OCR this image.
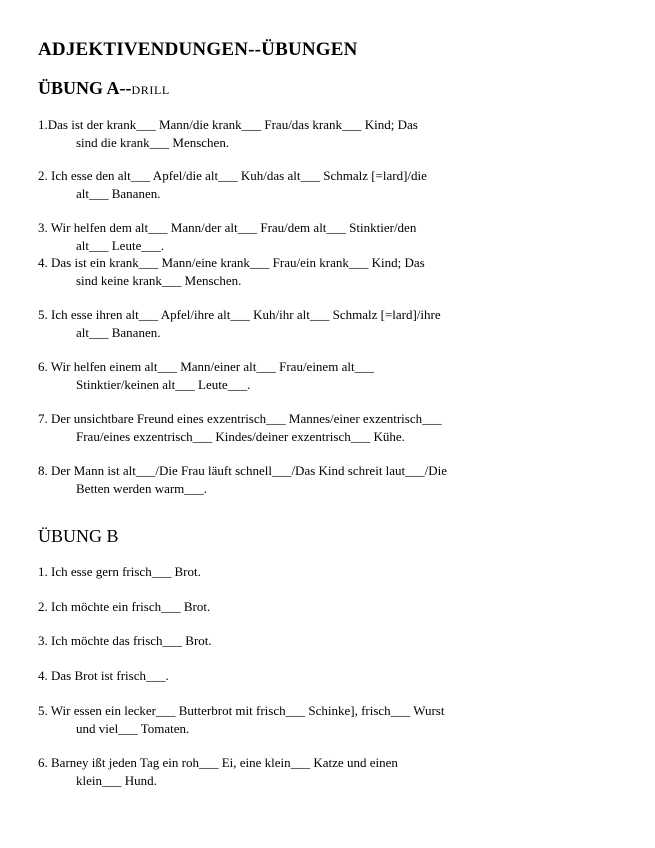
ADJEKTIVENDUNGEN--ÜBUNGEN
ÜBUNG A--DRILL
1.Das ist der krank___ Mann/die krank___ Frau/das krank___ Kind; Das
sind die krank___ Menschen.
2. Ich esse den alt___ Apfel/die alt___ Kuh/das alt___ Schmalz [=lard]/die
alt___ Bananen.
3. Wir helfen dem alt___ Mann/der alt___ Frau/dem alt___ Stinktier/den
alt___ Leute___.
4. Das ist ein krank___ Mann/eine krank___ Frau/ein krank___ Kind; Das
sind keine krank___ Menschen.
5. Ich esse ihren alt___ Apfel/ihre alt___ Kuh/ihr alt___ Schmalz [=lard]/ihre
alt___ Bananen.
6. Wir helfen einem alt___ Mann/einer alt___ Frau/einem alt___
Stinktier/keinen alt___ Leute___.
7. Der unsichtbare Freund eines exzentrisch___ Mannes/einer exzentrisch___
Frau/eines exzentrisch___ Kindes/deiner exzentrisch___ Kühe.
8. Der Mann ist alt___/Die Frau läuft schnell___/Das Kind schreit laut___/Die
Betten werden warm___.
ÜBUNG B
1. Ich esse gern frisch___ Brot.
2. Ich möchte ein frisch___ Brot.
3. Ich möchte das frisch___ Brot.
4. Das Brot ist frisch___.
5. Wir essen ein lecker___ Butterbrot mit frisch___ Schinke], frisch___ Wurst
und viel___ Tomaten.
6. Barney ißt jeden Tag ein roh___ Ei, eine klein___ Katze und einen
klein___ Hund.
